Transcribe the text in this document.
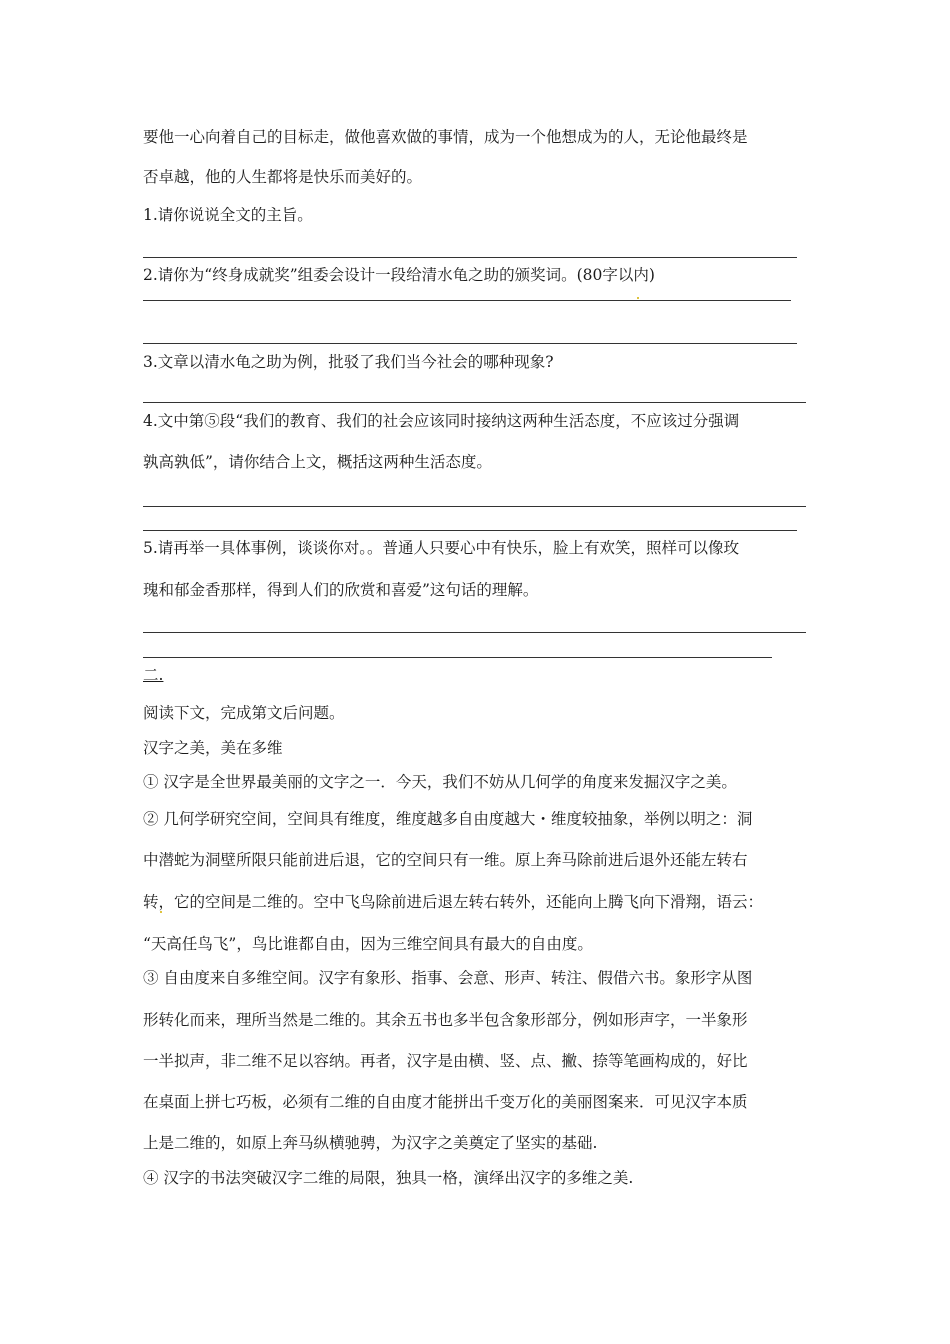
要他一心向着自己的目标走，做他喜欢做的事情，成为一个他想成为的人，无论他最终是
否卓越，他的人生都将是快乐而美好的。
1.请你说说全文的主旨。
2.请你为“终身成就奖”组委会设计一段给清水龟之助的颁奖词。(80字以内)
3.文章以清水龟之助为例，批驳了我们当今社会的哪种现象?
4.文中第⑤段“我们的教育、我们的社会应该同时接纳这两种生活态度，不应该过分强调
孰高孰低”，请你结合上文，概括这两种生活态度。
5.请再举一具体事例，谈谈你对。。普通人只要心中有快乐，脸上有欢笑，照样可以像玫
瑰和郁金香那样，得到人们的欣赏和喜爱”这句话的理解。
二.
阅读下文，完成第文后问题。
汉字之美，美在多维
① 汉字是全世界最美丽的文字之一．今天，我们不妨从几何学的角度来发掘汉字之美。
② 几何学研究空间，空间具有维度，维度越多自由度越大・维度较抽象，举例以明之：洞
中潜蛇为洞壁所限只能前进后退，它的空间只有一维。原上奔马除前进后退外还能左转右
转，它的空间是二维的。空中飞鸟除前进后退左转右转外，还能向上腾飞向下滑翔，语云：
“天高任鸟飞”，鸟比谁都自由，因为三维空间具有最大的自由度。
③ 自由度来自多维空间。汉字有象形、指事、会意、形声、转注、假借六书。象形字从图
形转化而来，理所当然是二维的。其余五书也多半包含象形部分，例如形声字，一半象形
一半拟声，非二维不足以容纳。再者，汉字是由横、竖、点、撇、捺等笔画构成的，好比
在桌面上拼七巧板，必须有二维的自由度才能拼出千变万化的美丽图案来．可见汉字本质
上是二维的，如原上奔马纵横驰骋，为汉字之美奠定了坚实的基础.
④ 汉字的书法突破汉字二维的局限，独具一格，演绎出汉字的多维之美.
